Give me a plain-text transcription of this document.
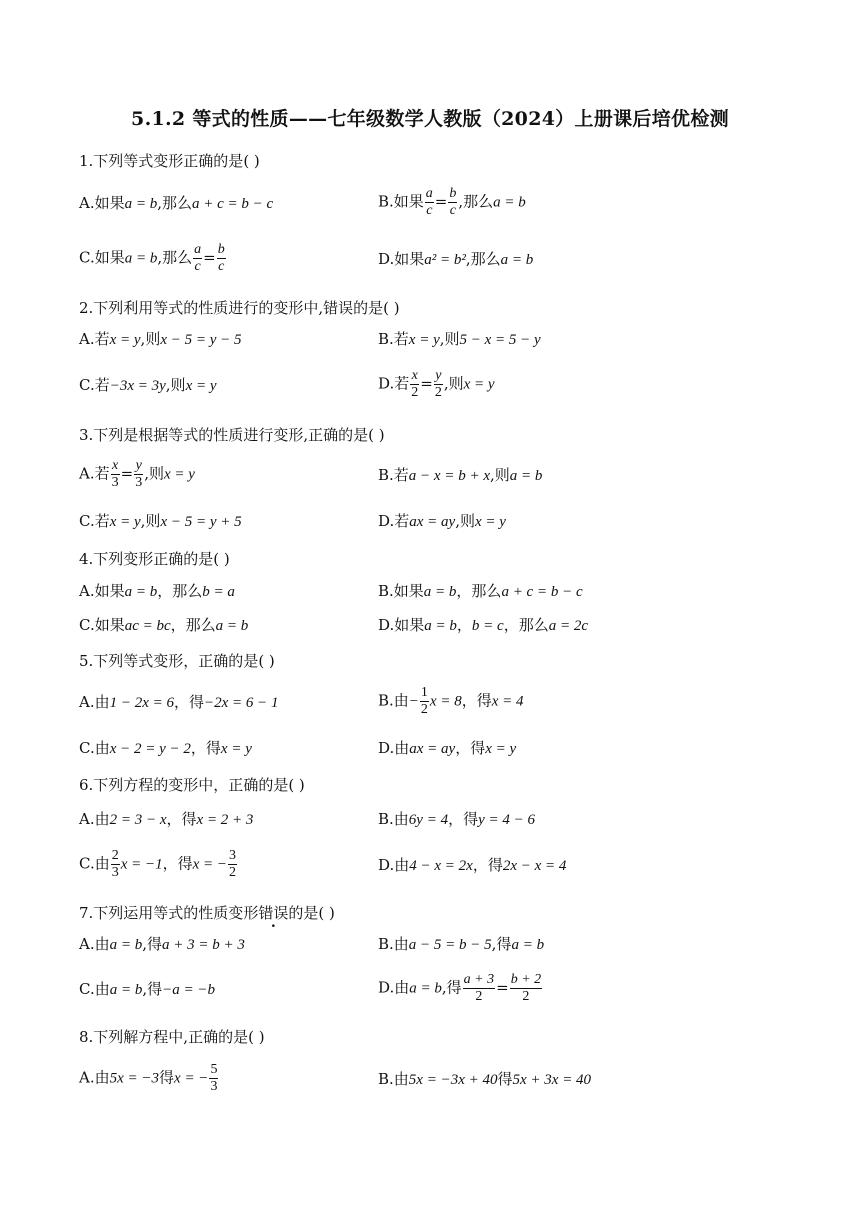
5.1.2 等式的性质——七年级数学人教版（2024）上册课后培优检测
1.下列等式变形正确的是( )
A.如果a = b,那么a + c = b − c	B.如果 $\frac{a}{c} = \frac{b}{c}$ ,那么a = b
C.如果a = b,那么 $\frac{a}{c} = \frac{b}{c}$	D.如果a² = b²,那么a = b
2.下列利用等式的性质进行的变形中,错误的是( )
A.若x = y,则x − 5 = y − 5	B.若x = y,则5 − x = 5 − y
C.若−3x = 3y,则x = y	D.若 $\frac{x}{2} = \frac{y}{2}$ ,则x = y
3.下列是根据等式的性质进行变形,正确的是( )
A.若 $\frac{x}{3} = \frac{y}{3}$ ,则x = y	B.若a − x = b + x,则a = b
C.若x = y,则x − 5 = y + 5	D.若ax = ay,则x = y
4.下列变形正确的是( )
A.如果a = b，那么b = a	B.如果a = b，那么a + c = b − c
C.如果ac = bc，那么a = b	D.如果a = b，b = c，那么a = 2c
5.下列等式变形，正确的是( )
A.由1 − 2x = 6，得−2x = 6 − 1	B.由− $\frac{1}{2}$ x = 8，得x = 4
C.由x − 2 = y − 2，得x = y	D.由ax = ay，得x = y
6.下列方程的变形中，正确的是( )
A.由2 = 3 − x，得x = 2 + 3	B.由6y = 4，得y = 4 − 6
C.由 $\frac{2}{3}$ x = −1，得x = − $\frac{3}{2}$	D.由4 − x = 2x，得2x − x = 4
7.下列运用等式的性质变形错误的是( )
A.由a = b,得a + 3 = b + 3	B.由a − 5 = b − 5,得a = b
C.由a = b,得−a = −b	D.由a = b,得 $\frac{a + 3}{2} = \frac{b + 2}{2}$
8.下列解方程中,正确的是( )
A.由5x = −3得x = − $\frac{5}{3}$	B.由5x = −3x + 40得5x + 3x = 40
